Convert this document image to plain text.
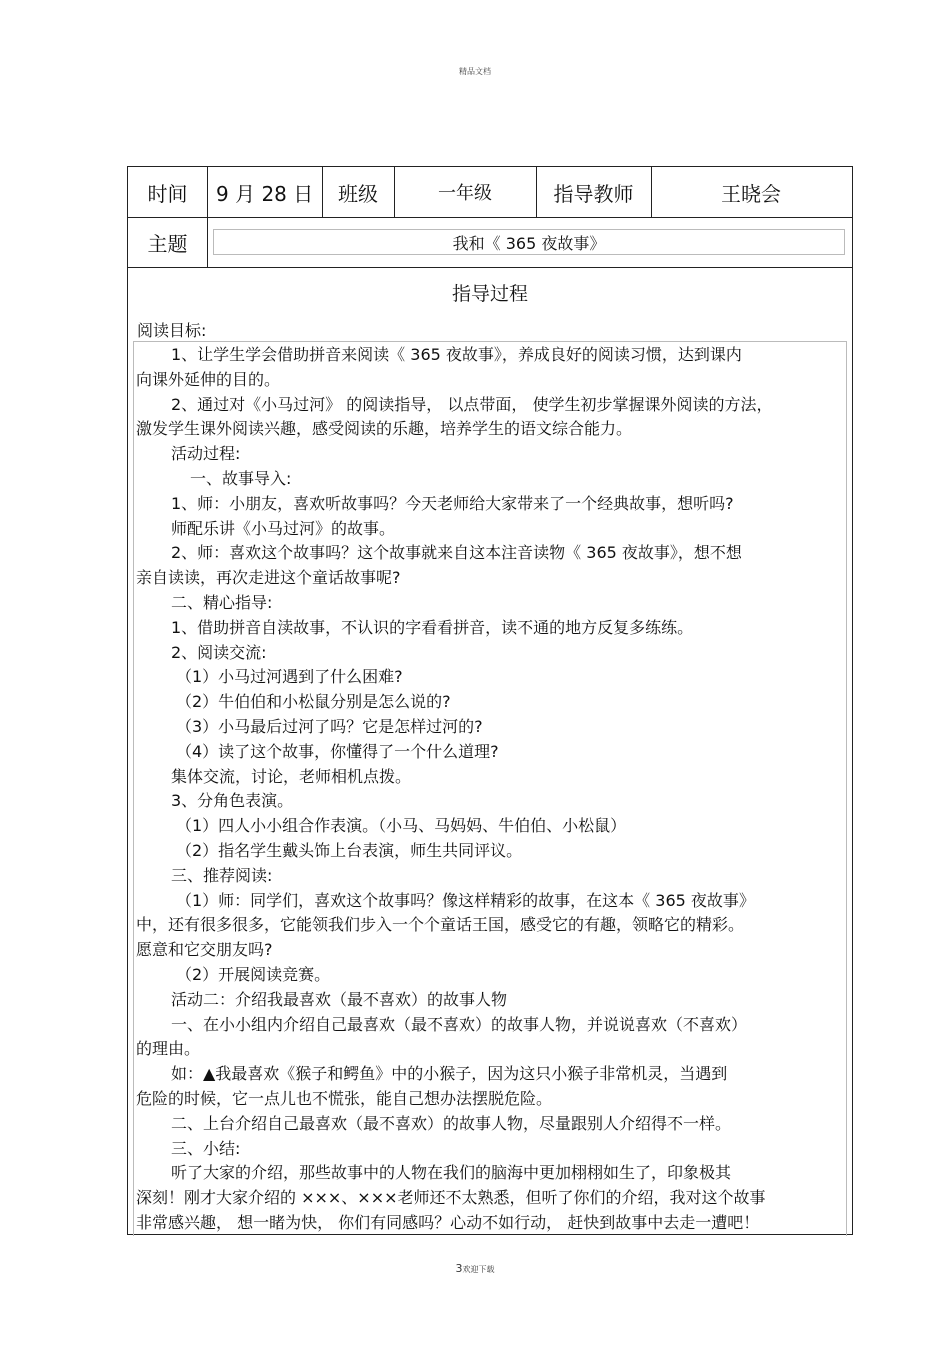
精品文档
时间	9 月 28 日	班级	一年级	指导教师	王晓会
主题	我和《 365 夜故事》
指导过程
阅读目标:
1、让学生学会借助拼音来阅读《 365 夜故事》，养成良好的阅读习惯，达到课内
向课外延伸的目的。
2、通过对《小马过河》 的阅读指导， 以点带面， 使学生初步掌握课外阅读的方法，
激发学生课外阅读兴趣，感受阅读的乐趣，培养学生的语文综合能力。
活动过程:
一、故事导入:
1、师：小朋友，喜欢听故事吗？今天老师给大家带来了一个经典故事，想听吗?
师配乐讲《小马过河》的故事。
2、师：喜欢这个故事吗？这个故事就来自这本注音读物《 365 夜故事》，想不想
亲自读读，再次走进这个童话故事呢?
二、精心指导:
1、借助拼音自渎故事，不认识的字看看拼音，读不通的地方反复多练练。
2、阅读交流:
（1）小马过河遇到了什么困难?
（2）牛伯伯和小松鼠分别是怎么说的?
（3）小马最后过河了吗？它是怎样过河的?
（4）读了这个故事，你懂得了一个什么道理?
集体交流，讨论，老师相机点拨。
3、分角色表演。
（1）四人小小组合作表演。（小马、马妈妈、牛伯伯、小松鼠）
（2）指名学生戴头饰上台表演，师生共同评议。
三、推荐阅读:
（1）师：同学们，喜欢这个故事吗？像这样精彩的故事，在这本《 365 夜故事》
中，还有很多很多，它能领我们步入一个个童话王国，感受它的有趣，领略它的精彩。
愿意和它交朋友吗?
（2）开展阅读竞赛。
活动二：介绍我最喜欢（最不喜欢）的故事人物
一、在小小组内介绍自己最喜欢（最不喜欢）的故事人物，并说说喜欢（不喜欢）
的理由。
如：▲我最喜欢《猴子和鳄鱼》中的小猴子，因为这只小猴子非常机灵，当遇到
危险的时候，它一点儿也不慌张，能自己想办法摆脱危险。
二、上台介绍自己最喜欢（最不喜欢）的故事人物，尽量跟别人介绍得不一样。
三、小结:
听了大家的介绍，那些故事中的人物在我们的脑海中更加栩栩如生了，印象极其
深刻！刚才大家介绍的 ×××、×××老师还不太熟悉，但听了你们的介绍，我对这个故事
非常感兴趣， 想一睹为快， 你们有同感吗？心动不如行动， 赶快到故事中去走一遭吧！
3欢迎下载
